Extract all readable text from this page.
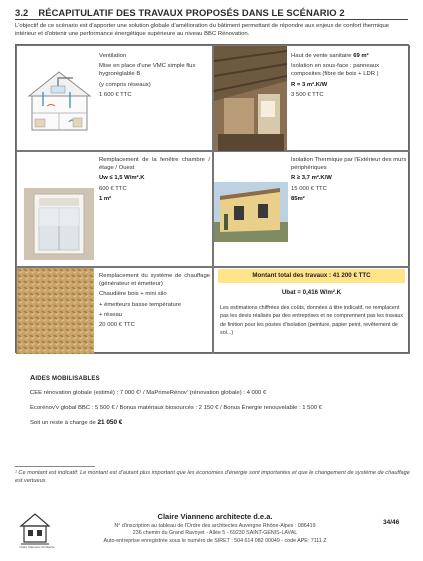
3.2 RÉCAPITULATIF DES TRAVAUX PROPOSÉS DANS LE SCÉNARIO 2
L'objectif de ce scénario est d'apporter une solution globale d'amélioration du bâtiment permettant de répondre aux enjeux de confort thermique intérieur et d'obtenir une performance énergétique supérieure au niveau BBC Rénovation.

Ventilation

Mise en place d'une VMC simple flux hygroréglable B

(y compris réseaux)

1 600 € TTC

Haut de vente sanitaire 69 m²

Isolation en sous-face : panneaux composites (fibre de bois + LDR )

R = 3 m².K/W

3 500 € TTC

Remplacement de la fenêtre chambre / étage / Ouest

Uw ≤ 1,5 W/m².K

600 € TTC

1 m²

Isolation Thermique par l'Extérieur des murs périphériques

R ≥ 3,7 m².K/W

15 000 € TTC

85m²

Remplacement du système de chauffage (générateur et émetteur)

Chaudière bois + mini silo

+ émetteurs basse température

+ réseau

20 000 € TTC

Montant total des travaux : 41 200 € TTC
Ubat = 0,416 W/m².K
Les estimations chiffrées des coûts, données à titre indicatif, ne remplacent pas les devis réalisés par des entreprises et ne comprennent pas les travaux de finition pour les postes d'isolation (peinture, papier peint, revêtement de sol...)
AIDES MOBILISABLES
CEE rénovation globale (estimé) : 7 000 €¹ / MaPrimeRénov' (rénovation globale) : 4 000 €
Ecorénov'v global BBC : 5 500 € / Bonus matériaux biosourcés : 2 150 € / Bonus Énergie renouvelable : 1 500 €
Soit un reste à charge de 21 050 €
¹ Ce montant est indicatif. Le montant est d'autant plus important que les économies d'énergie sont importantes et que le changement de système de chauffage est vertueux.
Claire Viannenc Architecte
Claire Viannenc architecte d.e.a.
N° d'inscription au tableau de l'Ordre des architectes Auvergne Rhône-Alpes : 086419
236 chemin du Grand Ravoyet - Allée 5 - 69230 SAINT-GENIS-LAVAL
Auto-entreprise enregistrée sous le numéro de SIRET : 504 614 082 00049 - code APE: 7111 Z
34/46
